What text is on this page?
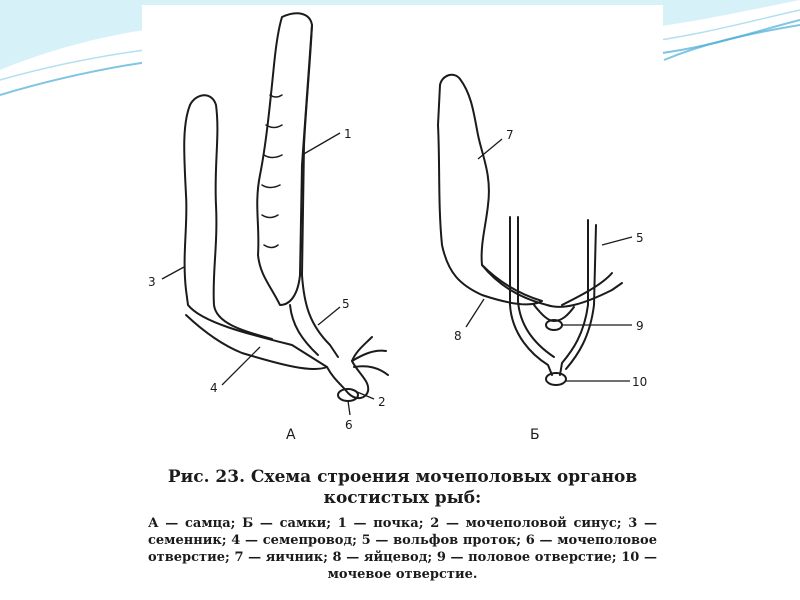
1
2
3
4
5
6
7
8
9
10
5
А	Б
Рис. 23. Схема строения мочеполовых органов
костистых рыб:
А — самца; Б — самки; 1 — почка; 2 — мочеполовой синус; 3 — семенник; 4 — семепровод; 5 — вольфов проток; 6 — мочеполовое отверстие; 7 — яичник; 8 — яйцевод; 9 — половое отверстие; 10 — мочевое отверстие.
